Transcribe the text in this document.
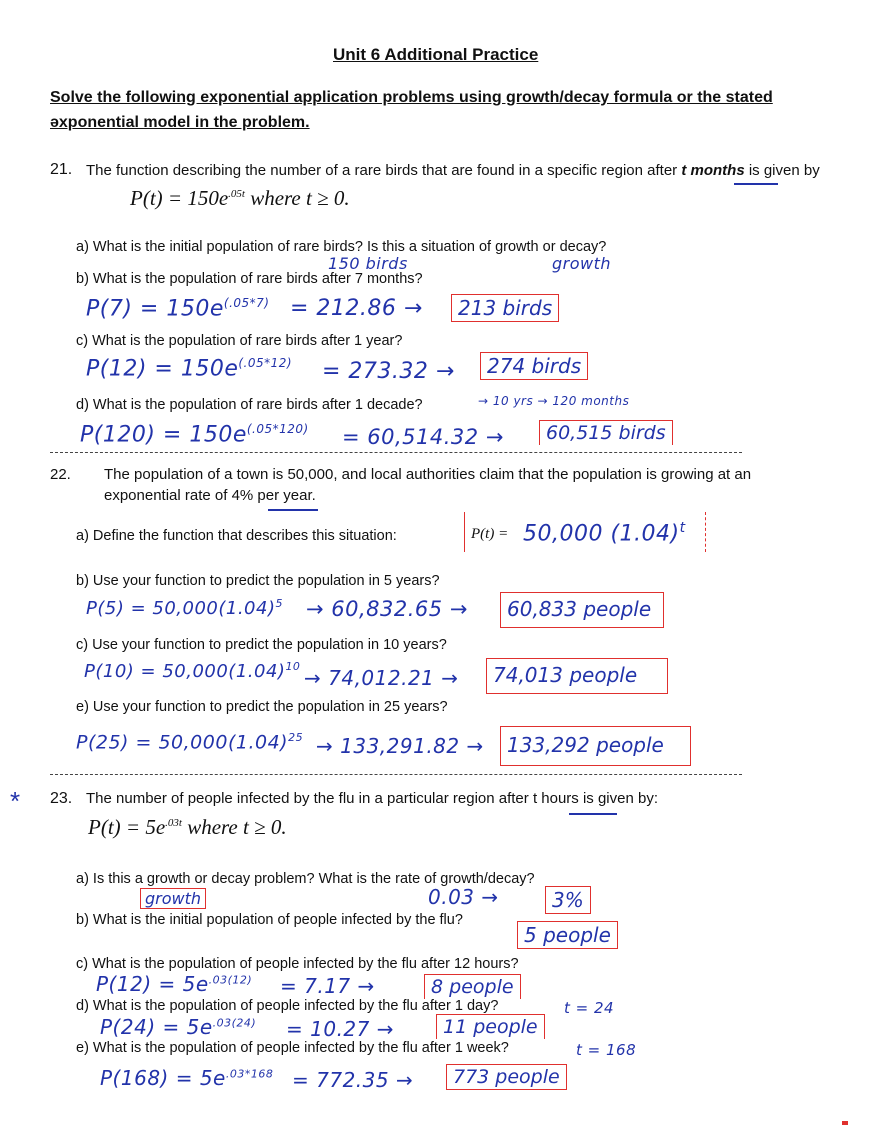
Unit 6 Additional Practice
Solve the following exponential application problems using growth/decay formula or the stated
əxponential model in the problem.
21. The function describing the number of a rare birds that are found in a specific region after t months is given by
$P(t) = 150e^{.05t}$ where t ≥ 0.
a) What is the initial population of rare birds? Is this a situation of growth or decay?
150 birds	growth
b) What is the population of rare birds after 7 months?
$P(7) = 150e^{(.05*7)} = 212.86$ →	213 birds
c) What is the population of rare birds after 1 year?
$P(12) = 150e^{(.05*12)} = 273.32$ →	274 birds
d) What is the population of rare birds after 1 decade?	→ 10 yrs → 120 months
$P(120) = 150e^{(.05*120)} = 60,514.32$ →	60,515 birds
22. The population of a town is 50,000, and local authorities claim that the population is growing at an
exponential rate of 4% per year.
a) Define the function that describes this situation:	P(t) = 50,000 $(1.04)^t$
b) Use your function to predict the population in 5 years?
$P(5) = 50,000(1.04)^5 \to 60,832.65$ →	60,833 people
c) Use your function to predict the population in 10 years?
$P(10) = 50,000(1.04)^{10} \to 74,012.21$ →	74,013 people
e) Use your function to predict the population in 25 years?
$P(25) = 50,000(1.04)^{25} \to 133,291.82$ →	133,292 people
* 23. The number of people infected by the flu in a particular region after t hours is given by:
$P(t) = 5e^{.03t}$ where t ≥ 0.
a) Is this a growth or decay problem? What is the rate of growth/decay?
growth	0.03 →	3%
b) What is the initial population of people infected by the flu?
5 people
c) What is the population of people infected by the flu after 12 hours?
$P(12) = 5e^{.03(12)} = 7.17$ →	8 people
d) What is the population of people infected by the flu after 1 day?	t = 24
$P(24) = 5e^{.03(24)} = 10.27$ →	11 people
e) What is the population of people infected by the flu after 1 week?	t = 168
$P(168) = 5e^{.03*168} = 772.35$ →	773 people
